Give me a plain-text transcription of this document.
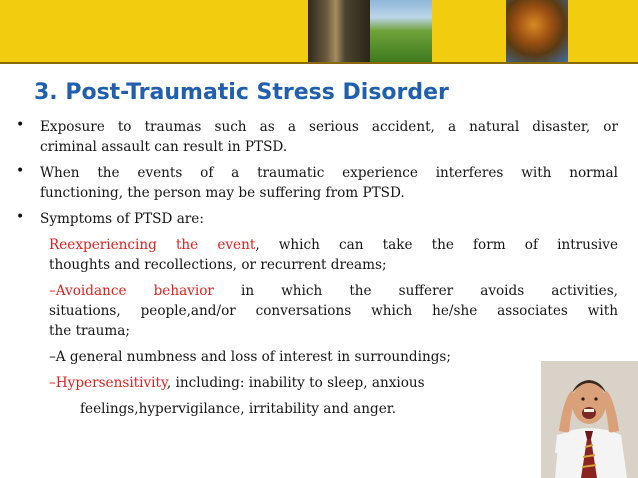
3. Post-Traumatic Stress Disorder
• Exposure to traumas such as a serious accident, a natural disaster, or
criminal assault can result in PTSD.
• When the events of a traumatic experience interferes with normal
functioning, the person may be suffering from PTSD.
• Symptoms of PTSD are:
Reexperiencing the event, which can take the form of intrusive
thoughts and recollections, or recurrent dreams;
–Avoidance behavior in which the sufferer avoids activities,
situations, people,and/or conversations which he/she associates with
the trauma;
–A general numbness and loss of interest in surroundings;
–Hypersensitivity, including: inability to sleep, anxious
feelings,hypervigilance, irritability and anger.
